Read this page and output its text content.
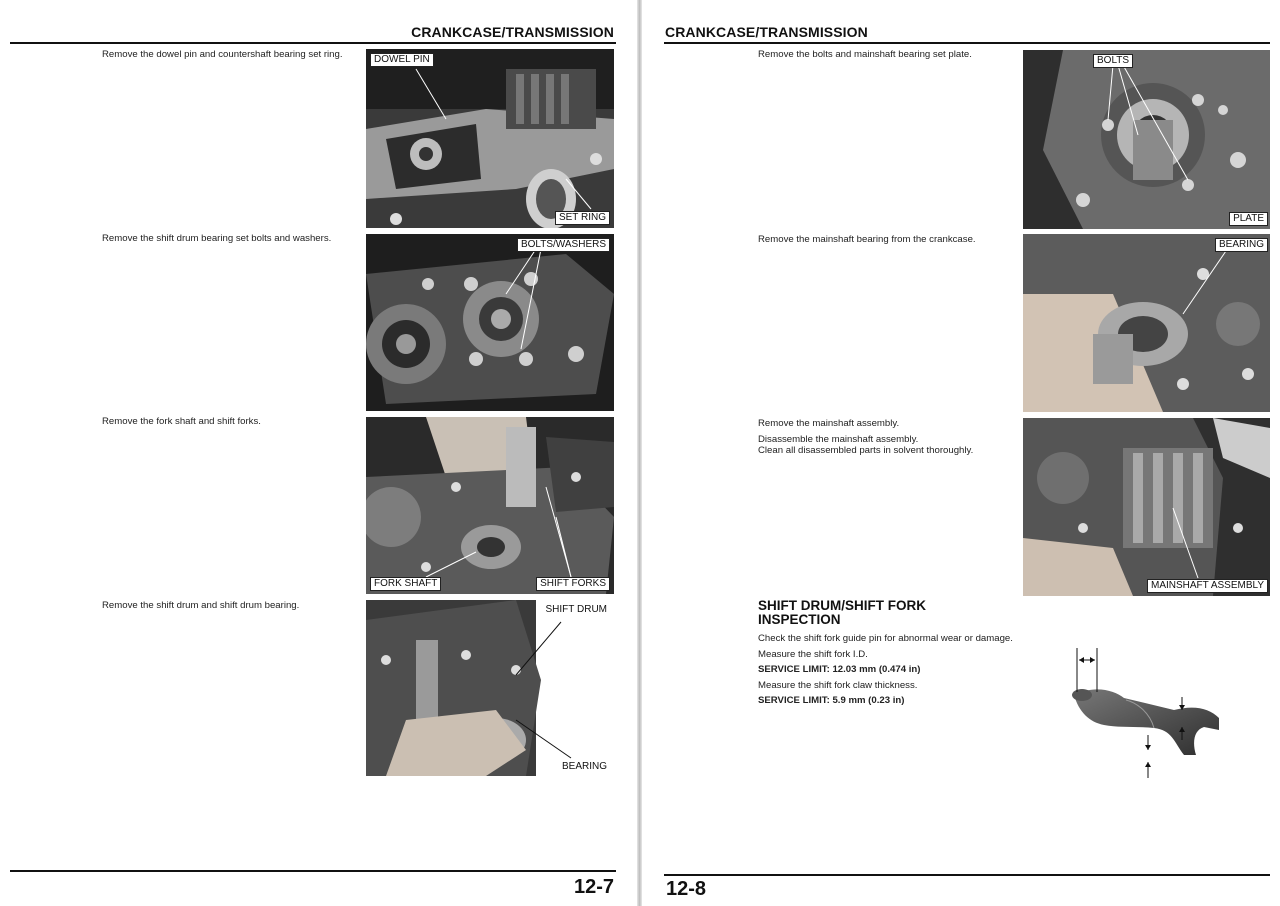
CRANKCASE/TRANSMISSION
Remove the dowel pin and countershaft bearing set ring.	DOWEL PIN
SET RING
Remove the shift drum bearing set bolts and washers.
BOLTS/WASHERS
Remove the fork shaft and shift forks.
FORK SHAFT	SHIFT FORKS
Remove the shift drum and shift drum bearing.	SHIFT DRUM
BEARING
12-7
CRANKCASE/TRANSMISSION
Remove the bolts and mainshaft bearing set plate.
BOLTS
PLATE
Remove the mainshaft bearing from the crankcase.	BEARING

Remove the mainshaft assembly.

Disassemble the mainshaft assembly.

Clean all disassembled parts in solvent thoroughly.

MAINSHAFT ASSEMBLY
SHIFT DRUM/SHIFT FORK
INSPECTION

Check the shift fork guide pin for abnormal wear or damage.

Measure the shift fork I.D.

SERVICE LIMIT: 12.03 mm (0.474 in)

Measure the shift fork claw thickness.

SERVICE LIMIT: 5.9 mm (0.23 in)

12-8
